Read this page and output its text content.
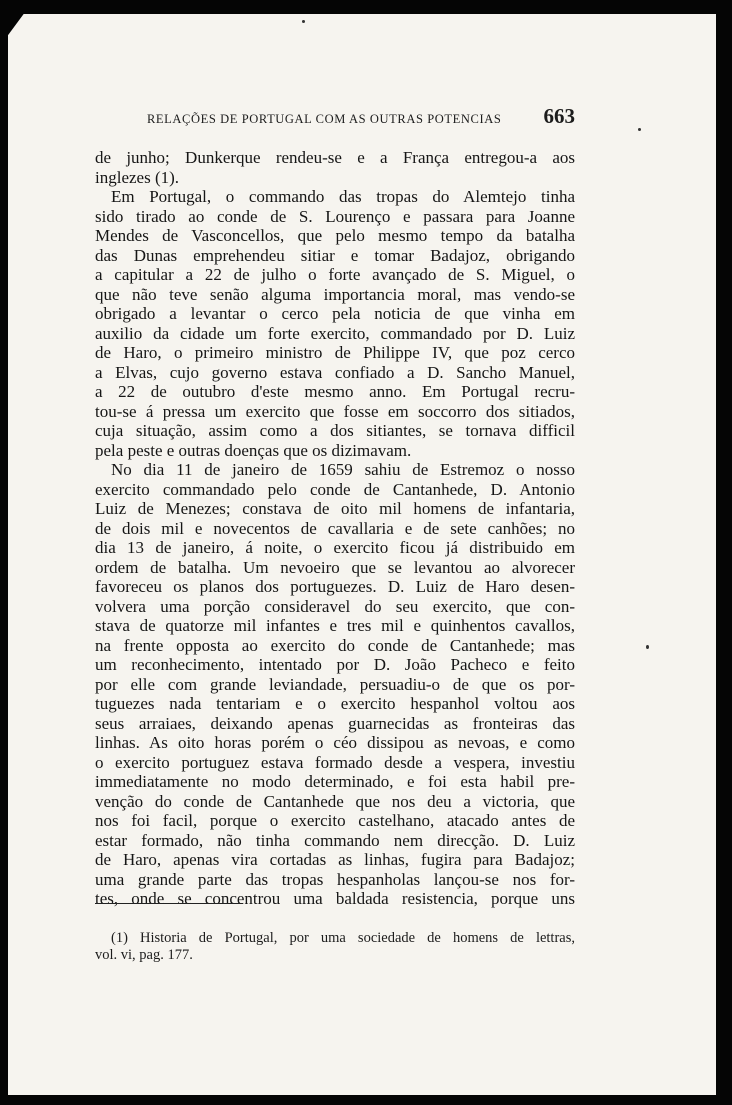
RELAÇÕES DE PORTUGAL COM AS OUTRAS POTENCIAS 663
de junho; Dunkerque rendeu-se e a França entregou-a aos
inglezes (1).
Em Portugal, o commando das tropas do Alemtejo tinha
sido tirado ao conde de S. Lourenço e passara para Joanne
Mendes de Vasconcellos, que pelo mesmo tempo da batalha
das Dunas emprehendeu sitiar e tomar Badajoz, obrigando
a capitular a 22 de julho o forte avançado de S. Miguel, o
que não teve senão alguma importancia moral, mas vendo-se
obrigado a levantar o cerco pela noticia de que vinha em
auxilio da cidade um forte exercito, commandado por D. Luiz
de Haro, o primeiro ministro de Philippe IV, que poz cerco
a Elvas, cujo governo estava confiado a D. Sancho Manuel,
a 22 de outubro d'este mesmo anno. Em Portugal recru-
tou-se á pressa um exercito que fosse em soccorro dos sitiados,
cuja situação, assim como a dos sitiantes, se tornava difficil
pela peste e outras doenças que os dizimavam.
No dia 11 de janeiro de 1659 sahiu de Estremoz o nosso
exercito commandado pelo conde de Cantanhede, D. Antonio
Luiz de Menezes; constava de oito mil homens de infantaria,
de dois mil e novecentos de cavallaria e de sete canhões; no
dia 13 de janeiro, á noite, o exercito ficou já distribuido em
ordem de batalha. Um nevoeiro que se levantou ao alvorecer
favoreceu os planos dos portuguezes. D. Luiz de Haro desen-
volvera uma porção consideravel do seu exercito, que con-
stava de quatorze mil infantes e tres mil e quinhentos cavallos,
na frente opposta ao exercito do conde de Cantanhede; mas
um reconhecimento, intentado por D. João Pacheco e feito
por elle com grande leviandade, persuadiu-o de que os por-
tuguezes nada tentariam e o exercito hespanhol voltou aos
seus arraiaes, deixando apenas guarnecidas as fronteiras das
linhas. As oito horas porém o céo dissipou as nevoas, e como
o exercito portuguez estava formado desde a vespera, investiu
immediatamente no modo determinado, e foi esta habil pre-
venção do conde de Cantanhede que nos deu a victoria, que
nos foi facil, porque o exercito castelhano, atacado antes de
estar formado, não tinha commando nem direcção. D. Luiz
de Haro, apenas vira cortadas as linhas, fugira para Badajoz;
uma grande parte das tropas hespanholas lançou-se nos for-
tes, onde se concentrou uma baldada resistencia, porque uns
(1) Historia de Portugal, por uma sociedade de homens de lettras,
vol. vi, pag. 177.
